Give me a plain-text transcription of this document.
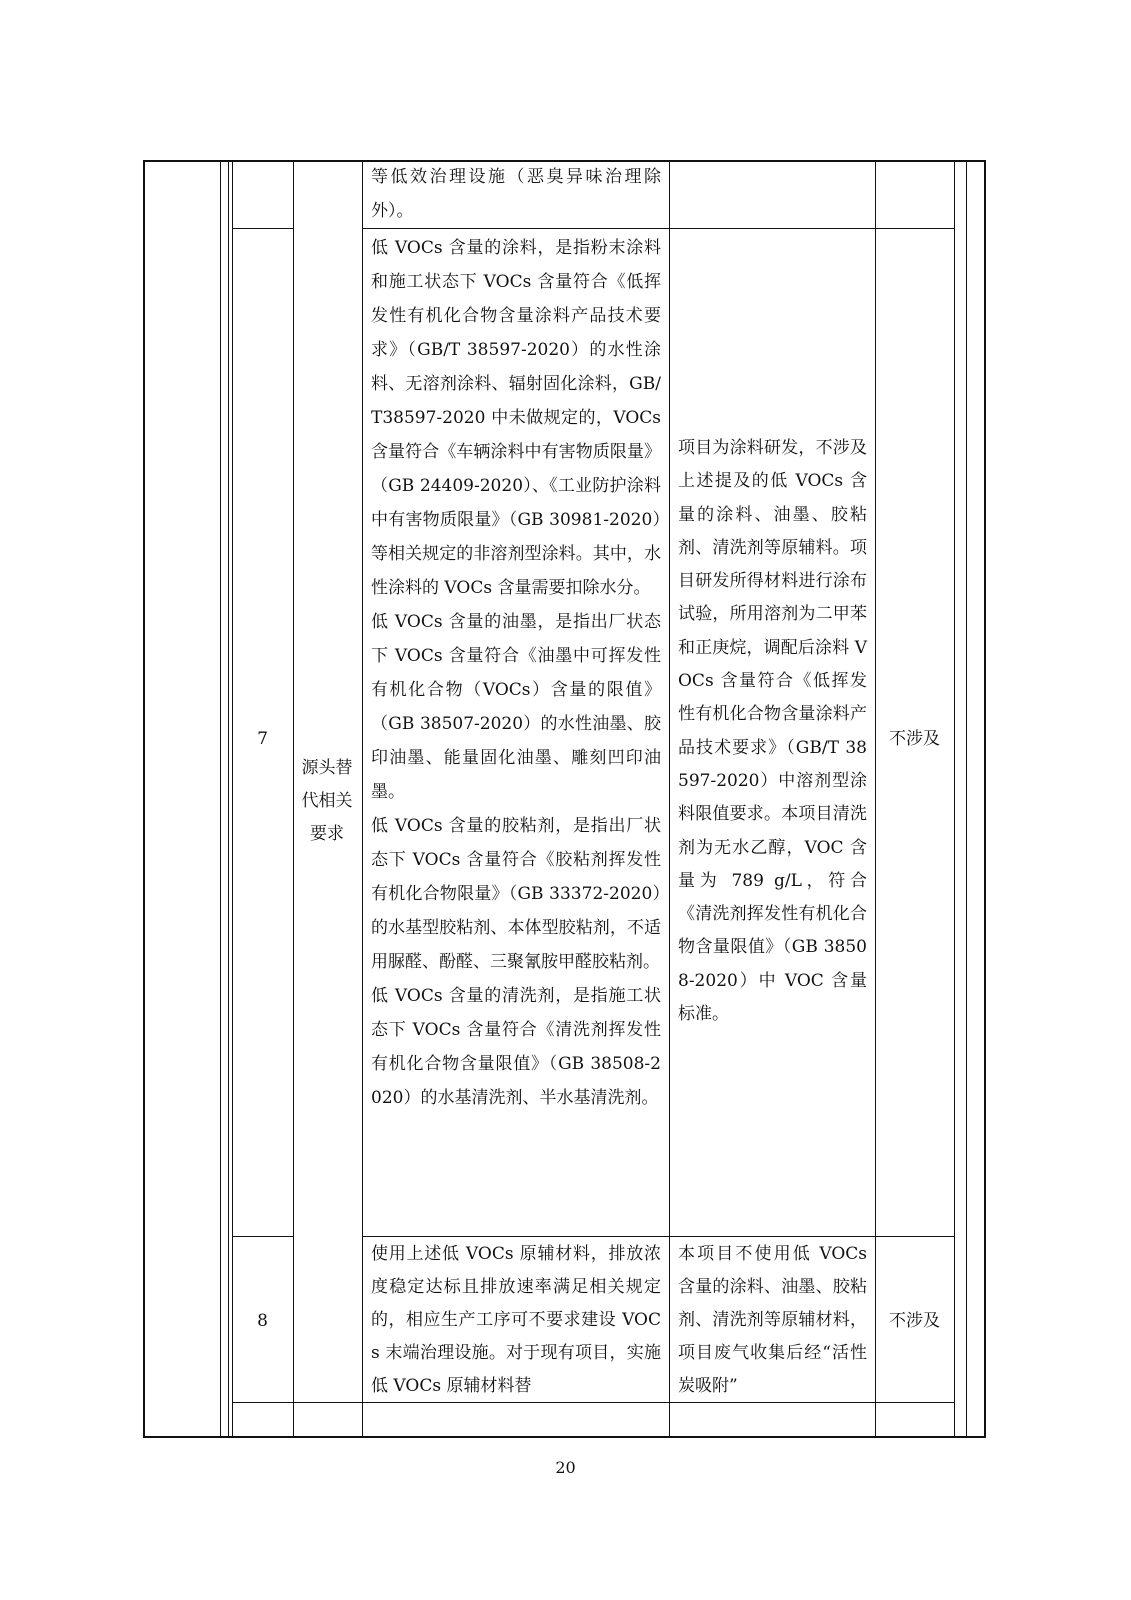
等低效治理设施（恶臭异味治理除外）。
源头替代相关要求
7
低 VOCs 含量的涂料，是指粉末涂料和施工状态下 VOCs 含量符合《低挥发性有机化合物含量涂料产品技术要求》（GB/T 38597-2020）的水性涂料、无溶剂涂料、辐射固化涂料，GB/T38597-2020 中未做规定的，VOCs 含量符合《车辆涂料中有害物质限量》（GB 24409-2020）、《工业防护涂料中有害物质限量》（GB 30981-2020）等相关规定的非溶剂型涂料。其中，水性涂料的 VOCs 含量需要扣除水分。
低 VOCs 含量的油墨，是指出厂状态下 VOCs 含量符合《油墨中可挥发性有机化合物（VOCs）含量的限值》（GB 38507-2020）的水性油墨、胶印油墨、能量固化油墨、雕刻凹印油墨。
低 VOCs 含量的胶粘剂，是指出厂状态下 VOCs 含量符合《胶粘剂挥发性有机化合物限量》（GB 33372-2020）的水基型胶粘剂、本体型胶粘剂，不适用脲醛、酚醛、三聚氰胺甲醛胶粘剂。
低 VOCs 含量的清洗剂，是指施工状态下 VOCs 含量符合《清洗剂挥发性有机化合物含量限值》（GB 38508-2020）的水基清洗剂、半水基清洗剂。
项目为涂料研发，不涉及上述提及的低 VOCs 含量的涂料、油墨、胶粘剂、清洗剂等原辅料。项目研发所得材料进行涂布试验，所用溶剂为二甲苯和正庚烷，调配后涂料 VOCs 含量符合《低挥发性有机化合物含量涂料产品技术要求》（GB/T 38597-2020）中溶剂型涂料限值要求。本项目清洗剂为无水乙醇，VOC 含量为 789 g/L，符合《清洗剂挥发性有机化合物含量限值》（GB 38508-2020）中 VOC 含量标准。
不涉及
8
使用上述低 VOCs 原辅材料，排放浓度稳定达标且排放速率满足相关规定的，相应生产工序可不要求建设 VOCs 末端治理设施。对于现有项目，实施低 VOCs 原辅材料替
本项目不使用低 VOCs 含量的涂料、油墨、胶粘剂、清洗剂等原辅材料，项目废气收集后经“活性炭吸附”
不涉及
20
